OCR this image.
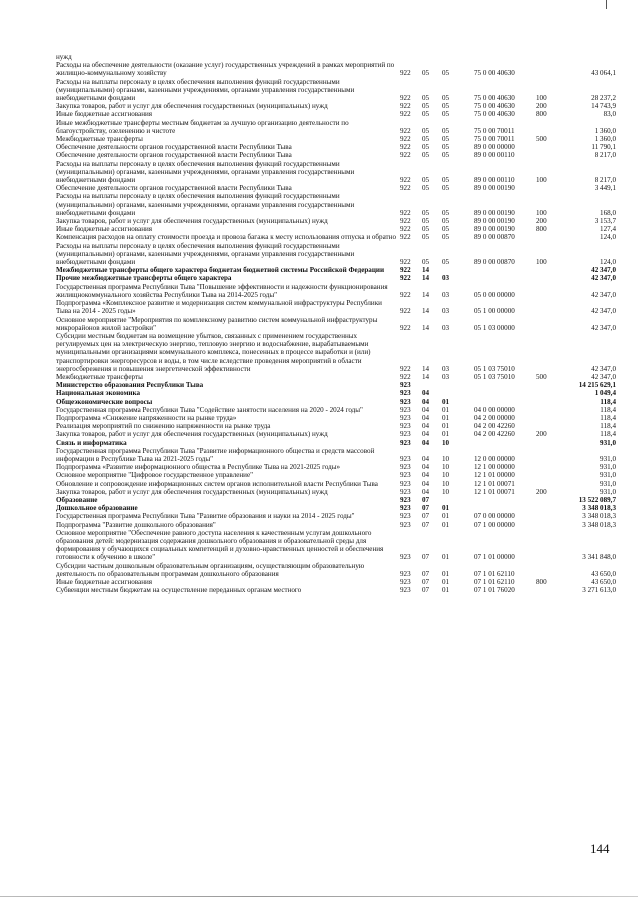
нужд						
Расходы на обеспечение деятельности (оказание услуг) государственных учреждений в рамках мероприятий по жилищно-коммунальному хозяйству	922	05	05	75 0 00 40630		43 064,1
Расходы на выплаты персоналу в целях обеспечения выполнения функций государственными (муниципальными) органами, казенными учреждениями, органами управления государственными внебюджетными фондами	922	05	05	75 0 00 40630	100	28 237,2
Закупка товаров, работ и услуг для обеспечения государственных (муниципальных) нужд	922	05	05	75 0 00 40630	200	14 743,9
Иные бюджетные ассигнования	922	05	05	75 0 00 40630	800	83,0
Иные межбюджетные трансферты местным бюджетам за лучшую организацию деятельности по благоустройству, озеленению и чистоте	922	05	05	75 0 00 70011		1 360,0
Межбюджетные трансферты	922	05	05	75 0 00 70011	500	1 360,0
Обеспечение деятельности органов государственной власти Республики Тыва	922	05	05	89 0 00 00000		11 790,1
Обеспечение деятельности органов государственной власти Республики Тыва	922	05	05	89 0 00 00110		8 217,0
Расходы на выплаты персоналу в целях обеспечения выполнения функций государственными (муниципальными) органами, казенными учреждениями, органами управления государственными внебюджетными фондами	922	05	05	89 0 00 00110	100	8 217,0
Обеспечение деятельности органов государственной власти Республики Тыва	922	05	05	89 0 00 00190		3 449,1
Расходы на выплаты персоналу в целях обеспечения выполнения функций государственными (муниципальными) органами, казенными учреждениями, органами управления государственными внебюджетными фондами	922	05	05	89 0 00 00190	100	168,0
Закупка товаров, работ и услуг для обеспечения государственных (муниципальных) нужд	922	05	05	89 0 00 00190	200	3 153,7
Иные бюджетные ассигнования	922	05	05	89 0 00 00190	800	127,4
Компенсация расходов на оплату стоимости проезда и провоза багажа к месту использования отпуска и обратно	922	05	05	89 0 00 00870		124,0
Расходы на выплаты персоналу в целях обеспечения выполнения функций государственными (муниципальными) органами, казенными учреждениями, органами управления государственными внебюджетными фондами	922	05	05	89 0 00 00870	100	124,0
Межбюджетные трансферты общего характера бюджетам бюджетной системы Российской Федерации	922	14				42 347,0
Прочие межбюджетные трансферты общего характера	922	14	03			42 347,0
Государственная программа Республики Тыва "Повышение эффективности и надежности функционирования жилищнокоммунального хозяйства Республики Тыва на 2014-2025 годы"	922	14	03	05 0 00 00000		42 347,0
Подпрограмма «Комплексное развитие и модернизация систем коммунальной инфраструктуры Республики Тыва на 2014 - 2025 годы»	922	14	03	05 1 00 00000		42 347,0
Основное мероприятие "Мероприятия по комплексному развитию систем коммунальной инфраструктуры микрорайонов жилой застройки"	922	14	03	05 1 03 00000		42 347,0
Субсидии местным бюджетам на возмещение убытков, связанных с применением государственных регулируемых цен на электрическую энергию, тепловую энергию и водоснабжение, вырабатываемыми муниципальными организациями коммунального комплекса, понесенных в процессе выработки и (или) транспортировки энергоресурсов и воды, в том числе вследствие проведения мероприятий в области энергосбережения и повышения энергетической эффективности	922	14	03	05 1 03 75010		42 347,0
Межбюджетные трансферты	922	14	03	05 1 03 75010	500	42 347,0
Министерство образования Республики Тыва	923					14 215 629,1
Национальная экономика	923	04				1 049,4
Общеэкономические вопросы	923	04	01			118,4
Государственная программа Республики Тыва "Содействие занятости населения на 2020 - 2024 годы"	923	04	01	04 0 00 00000		118,4
Подпрограмма «Снижение напряженности на рынке труда»	923	04	01	04 2 00 00000		118,4
Реализация мероприятий по снижению напряженности на рынке труда	923	04	01	04 2 00 42260		118,4
Закупка товаров, работ и услуг для обеспечения государственных (муниципальных) нужд	923	04	01	04 2 00 42260	200	118,4
Связь и информатика	923	04	10			931,0
Государственная программа Республики Тыва "Развитие информационного общества и средств массовой информации в Республике Тыва на 2021-2025 годы"	923	04	10	12 0 00 00000		931,0
Подпрограмма «Развитие информационного общества в Республике Тыва на 2021-2025 годы»	923	04	10	12 1 00 00000		931,0
Основное мероприятие "Цифровое государственное управление"	923	04	10	12 1 01 00000		931,0
Обновление и сопровождение информационных систем органов исполнительной власти Республики Тыва	923	04	10	12 1 01 00071		931,0
Закупка товаров, работ и услуг для обеспечения государственных (муниципальных) нужд	923	04	10	12 1 01 00071	200	931,0
Образование	923	07				13 522 089,7
Дошкольное образование	923	07	01			3 348 018,3
Государственная программа Республики Тыва "Развитие образования и науки на 2014 - 2025 годы"	923	07	01	07 0 00 00000		3 348 018,3
Подпрограмма "Развитие дошкольного образования"	923	07	01	07 1 00 00000		3 348 018,3
Основное мероприятие "Обеспечение равного доступа населения к качественным услугам дошкольного образования детей: модернизация содержания дошкольного образования и образовательной среды для формирования у обучающихся социальных компетенций и духовно-нравственных ценностей и обеспечения готовности к обучению в школе"	923	07	01	07 1 01 00000		3 341 848,0
Субсидии частным дошкольным образовательным организациям, осуществляющим образовательную деятельность по образовательным программам дошкольного образования	923	07	01	07 1 01 62110		43 650,0
Иные бюджетные ассигнования	923	07	01	07 1 01 62110	800	43 650,0
Субвенции местным бюджетам на осуществление переданных органам местного	923	07	01	07 1 01 76020		3 271 613,0
144
